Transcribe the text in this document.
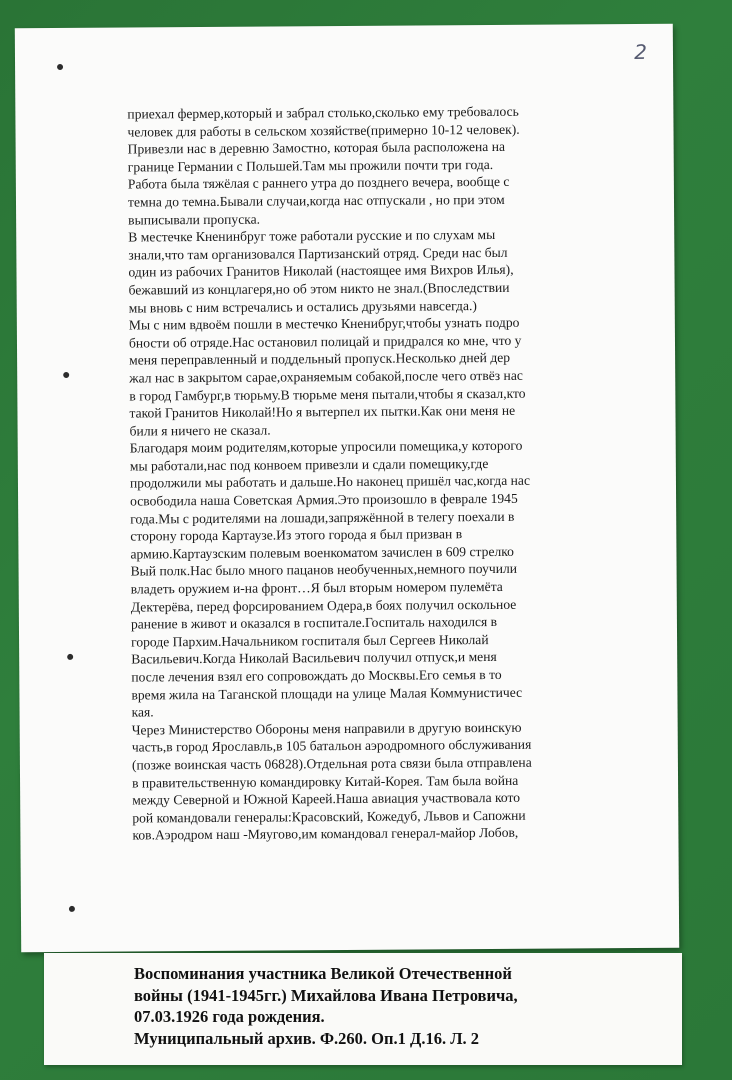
2
приехал фермер,который и забрал столько,сколько ему требовалось
человек для работы в сельском хозяйстве(примерно 10-12 человек).
Привезли нас в деревню Замостно, которая была расположена на
границе Германии с Польшей.Там мы прожили почти три года.
Работа была тяжёлая с раннего утра до позднего вечера, вообще с
темна до темна.Бывали случаи,когда нас отпускали , но при этом
выписывали пропуска.
В местечке Кненинбруг тоже работали русские и по слухам мы
знали,что там организовался Партизанский отряд. Среди нас был
один из рабочих Гранитов Николай (настоящее имя Вихров Илья),
бежавший из концлагеря,но об этом никто не знал.(Впоследствии
мы вновь с ним встречались и остались друзьями навсегда.)
Мы с ним вдвоём пошли в местечко Кненибруг,чтобы узнать подро
бности об отряде.Нас остановил полицай и придрался ко мне, что у
меня переправленный и поддельный пропуск.Несколько дней дер
жал нас в закрытом сарае,охраняемым собакой,после чего отвёз нас
в город Гамбург,в тюрьму.В тюрьме меня пытали,чтобы я сказал,кто
такой Гранитов Николай!Но я вытерпел их пытки.Как они меня не
били я ничего не сказал.
Благодаря моим родителям,которые упросили помещика,у которого
мы работали,нас под конвоем привезли и сдали помещику,где
продолжили мы работать и дальше.Но наконец пришёл час,когда нас
освободила наша Советская Армия.Это произошло в феврале 1945
года.Мы с родителями на лошади,запряжённой в телегу поехали в
сторону города Картаузе.Из этого города я был призван в
армию.Картаузским полевым военкоматом зачислен в 609 стрелко
Вый полк.Нас было много пацанов необученных,немного поучили
владеть оружием и-на фронт…Я был вторым номером пулемёта
Дектерёва, перед форсированием Одера,в боях получил оскольное
ранение в живот и оказался в госпитале.Госпиталь находился в
городе Пархим.Начальником госпиталя был Сергеев Николай
Васильевич.Когда Николай Васильевич получил отпуск,и меня
после лечения взял его сопровождать до Москвы.Его семья в то
время жила на Таганской площади на улице Малая Коммунистичес
кая.
Через Министерство Обороны меня направили в другую воинскую
часть,в город Ярославль,в 105 батальон аэродромного обслуживания
(позже воинская часть 06828).Отдельная рота связи была отправлена
в правительственную командировку Китай-Корея. Там была война
между Северной и Южной Кареей.Наша авиация участвовала кото
рой командовали генералы:Красовский, Кожедуб, Львов и Сапожни
ков.Аэродром наш -Мяугово,им командовал генерал-майор Лобов,
Воспоминания участника Великой Отечественной
войны (1941-1945гг.) Михайлова Ивана Петровича,
07.03.1926 года рождения.
Муниципальный архив. Ф.260. Оп.1 Д.16. Л. 2
